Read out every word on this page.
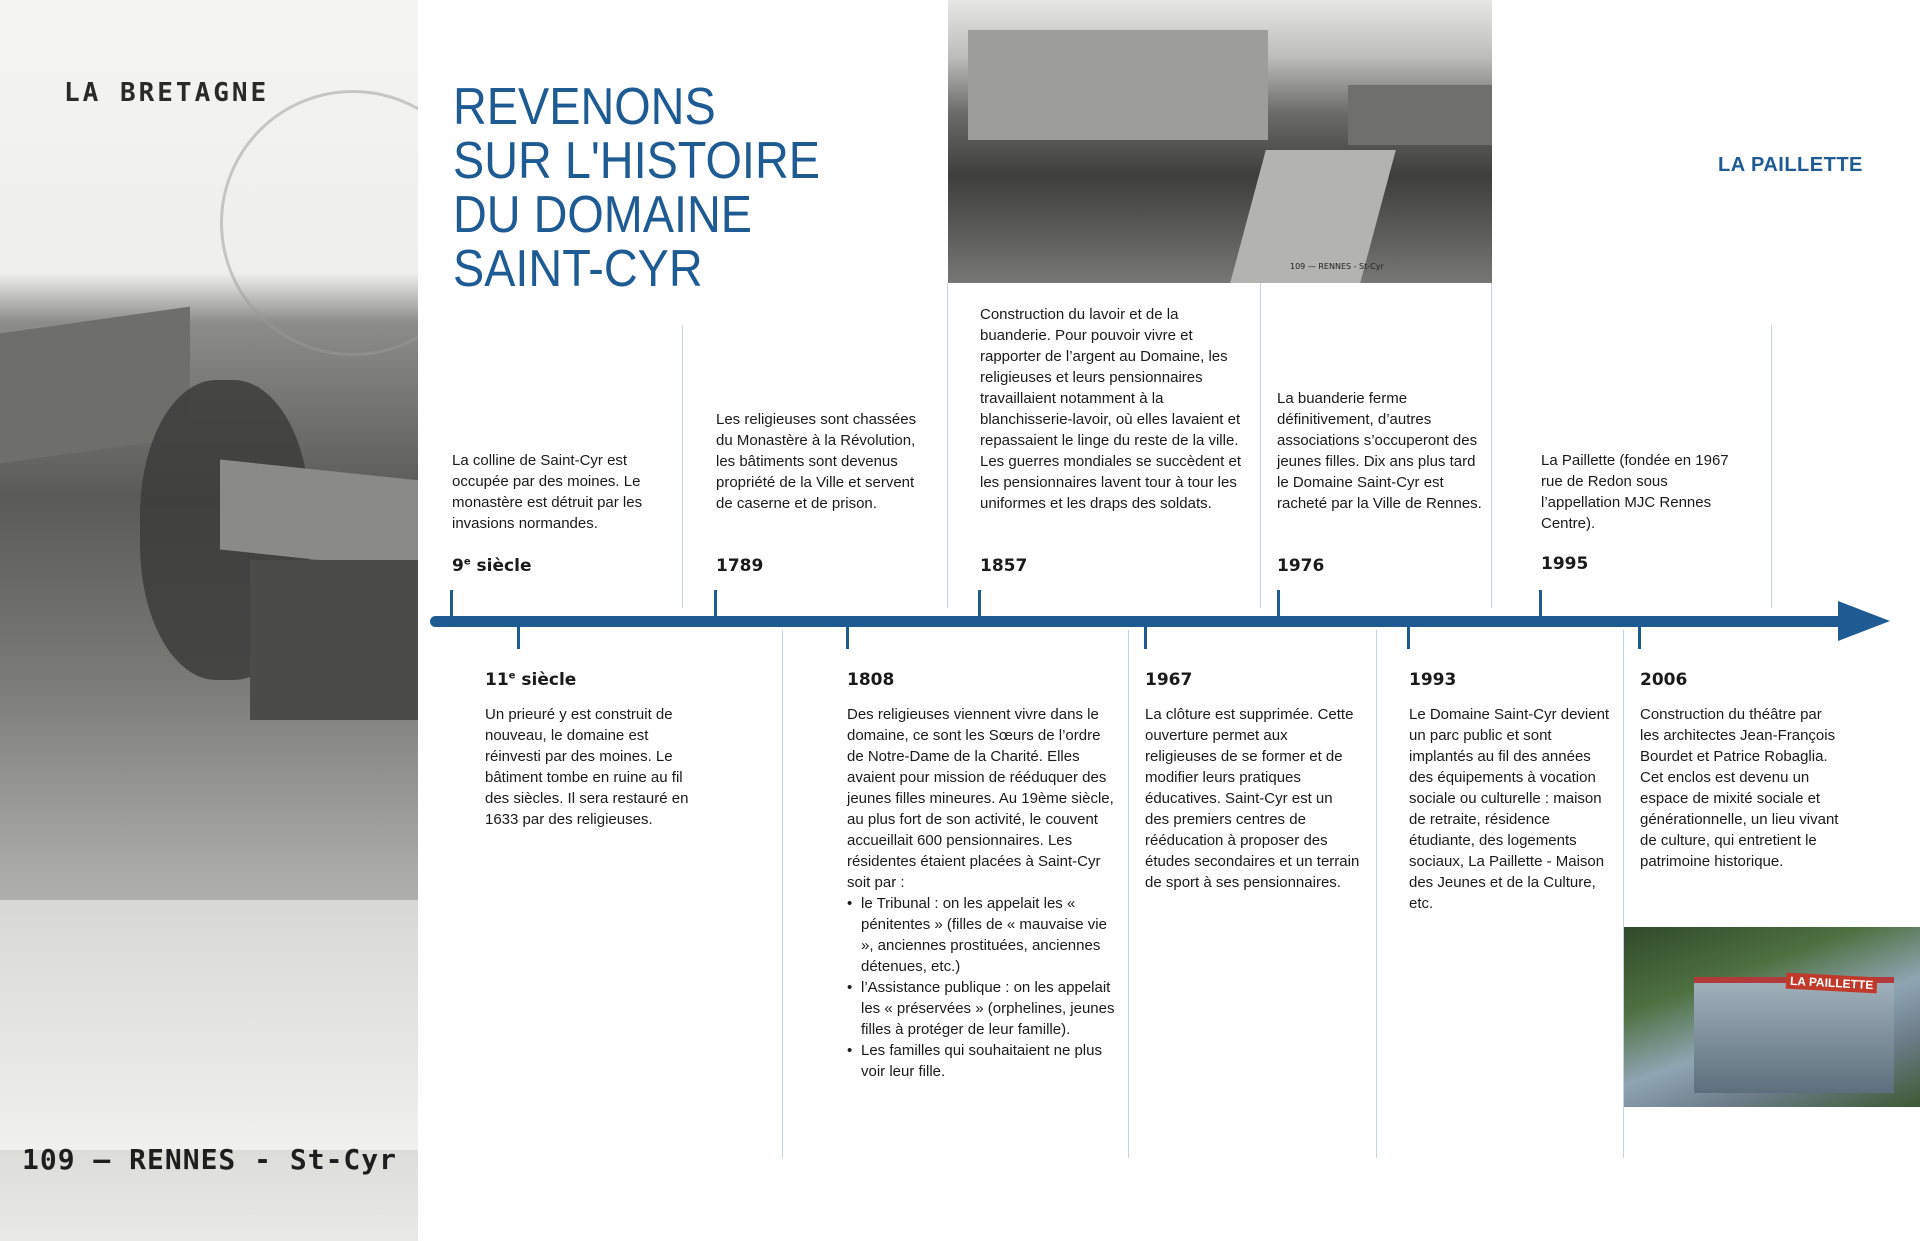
LA BRETAGNE
109 — RENNES - St-Cyr
109 — RENNES - St-Cyr
REVENONS
SUR L'HISTOIRE
DU DOMAINE
SAINT-CYR
LA PAILLETTE

La colline de Saint-Cyr est occupée par des moines. Le monastère est détruit par les invasions normandes.

9e siècle

Les religieuses sont chassées du Monastère à la Révolution, les bâtiments sont devenus propriété de la Ville et servent de caserne et de prison.

1789

Construction du lavoir et de la buanderie. Pour pouvoir vivre et rapporter de l’argent au Domaine, les religieuses et leurs pensionnaires travaillaient notamment à la blanchisserie-lavoir, où elles lavaient et repassaient le linge du reste de la ville. Les guerres mondiales se succèdent et les pensionnaires lavent tour à tour les uniformes et les draps des soldats.

1857

La buanderie ferme définitivement, d’autres associations s’occuperont des jeunes filles. Dix ans plus tard le Domaine Saint-Cyr est racheté par la Ville de Rennes.

1976

La Paillette (fondée en 1967 rue de Redon sous l’appellation MJC Rennes Centre).

1995
11e siècle

Un prieuré y est construit de nouveau, le domaine est réinvesti par des moines. Le bâtiment tombe en ruine au fil des siècles. Il sera restauré en 1633 par des religieuses.

1808

Des religieuses viennent vivre dans le domaine, ce sont les Sœurs de l’ordre de Notre-Dame de la Charité. Elles avaient pour mission de rééduquer des jeunes filles mineures. Au 19ème siècle, au plus fort de son activité, le couvent accueillait 600 pensionnaires. Les résidentes étaient placées à Saint-Cyr soit par :

• le Tribunal : on les appelait les « pénitentes » (filles de « mauvaise vie », anciennes prostituées, anciennes détenues, etc.)
• l’Assistance publique : on les appelait les « préservées » (orphelines, jeunes filles à protéger de leur famille).
• Les familles qui souhaitaient ne plus voir leur fille.
1967

La clôture est supprimée. Cette ouverture permet aux religieuses de se former et de modifier leurs pratiques éducatives. Saint-Cyr est un des premiers centres de rééducation à proposer des études secondaires et un terrain de sport à ses pensionnaires.

1993

Le Domaine Saint-Cyr devient un parc public et sont implantés au fil des années des équipements à vocation sociale ou culturelle : maison de retraite, résidence étudiante, des logements sociaux, La Paillette - Maison des Jeunes et de la Culture, etc.

2006

Construction du théâtre par les architectes Jean-François Bourdet et Patrice Robaglia. Cet enclos est devenu un espace de mixité sociale et générationnelle, un lieu vivant de culture, qui entretient le patrimoine historique.

LA PAILLETTE
